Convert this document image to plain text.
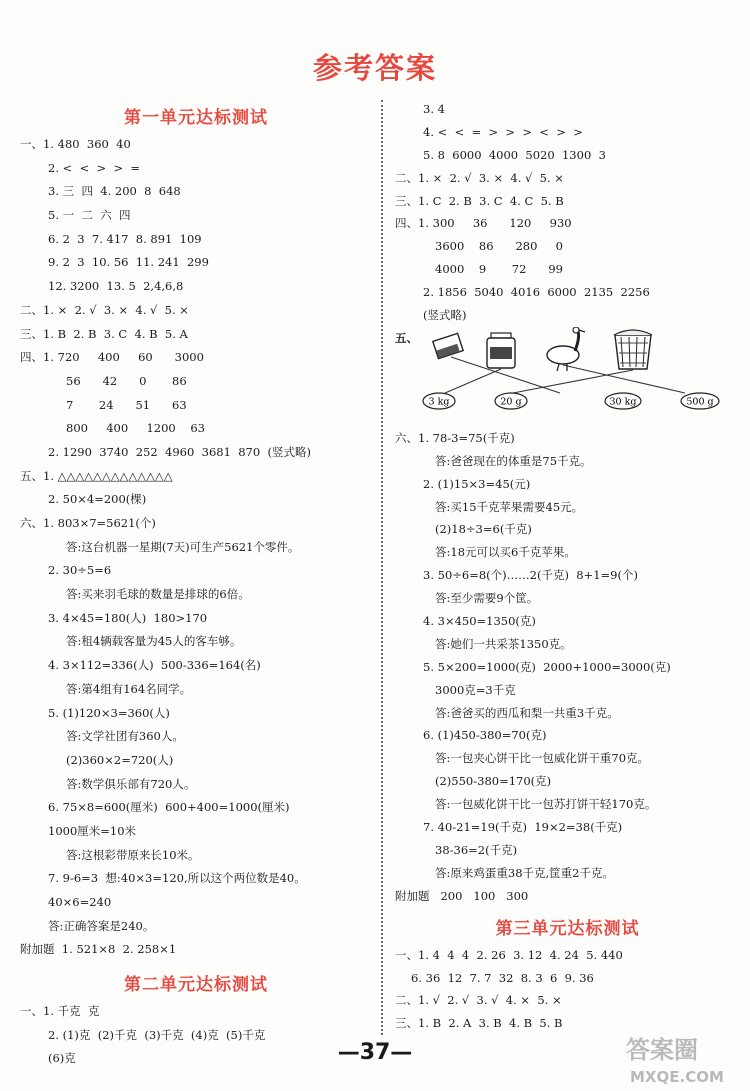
参考答案
第一单元达标测试
一、1. 480  360  40
2. <  <  >  >  =
3. 三  四  4. 200  8  648
5. 一  二  六  四
6. 2  3  7. 417  8. 891  109
9. 2  3  10. 56  11. 241  299
12. 3200  13. 5  2,4,6,8
二、1. ×  2. √  3. ×  4. √  5. ×
三、1. B  2. B  3. C  4. B  5. A
四、1. 720     400     60      3000
56      42      0       86
7       24      51      63
800     400     1200    63
2. 1290  3740  252  4960  3681  870  (竖式略)
五、1. △△△△△△△△△△△△△
2. 50×4=200(棵)
六、1. 803×7=5621(个)
答:这台机器一星期(7天)可生产5621个零件。
2. 30÷5=6
答:买来羽毛球的数量是排球的6倍。
3. 4×45=180(人)  180>170
答:租4辆载客量为45人的客车够。
4. 3×112=336(人)  500-336=164(名)
答:第4组有164名同学。
5. (1)120×3=360(人)
答:文学社团有360人。
(2)360×2=720(人)
答:数学俱乐部有720人。
6. 75×8=600(厘米)  600+400=1000(厘米)
1000厘米=10米
答:这根彩带原来长10米。
7. 9-6=3  想:40×3=120,所以这个两位数是40。
40×6=240
答:正确答案是240。
附加题  1. 521×8  2. 258×1
第二单元达标测试
一、1. 千克  克
2. (1)克  (2)千克  (3)千克  (4)克  (5)千克
(6)克
3. 4
4. <  <  =  >  >  >  <  >  >
5. 8  6000  4000  5020  1300  3
二、1. ×  2. √  3. ×  4. √  5. ×
三、1. C  2. B  3. C  4. C  5. B
四、1. 300     36      120     930
3600    86      280     0
4000    9       72      99
2. 1856  5040  4016  6000  2135  2256
(竖式略)
五、
3 kg	20 g	30 kg	500 g
六、1. 78-3=75(千克)
答:爸爸现在的体重是75千克。
2. (1)15×3=45(元)
答:买15千克苹果需要45元。
(2)18÷3=6(千克)
答:18元可以买6千克苹果。
3. 50÷6=8(个)……2(千克)  8+1=9(个)
答:至少需要9个筐。
4. 3×450=1350(克)
答:她们一共采茶1350克。
5. 5×200=1000(克)  2000+1000=3000(克)
3000克=3千克
答:爸爸买的西瓜和梨一共重3千克。
6. (1)450-380=70(克)
答:一包夹心饼干比一包威化饼干重70克。
(2)550-380=170(克)
答:一包威化饼干比一包苏打饼干轻170克。
7. 40-21=19(千克)  19×2=38(千克)
38-36=2(千克)
答:原来鸡蛋重38千克,筐重2千克。
附加题   200   100   300
第三单元达标测试
一、1. 4  4  4  2. 26  3. 12  4. 24  5. 440
6. 36  12  7. 7  32  8. 3  6  9. 36
二、1. √  2. √  3. √  4. ×  5. ×
三、1. B  2. A  3. B  4. B  5. B
—37—	答案圈
MXQE.COM
